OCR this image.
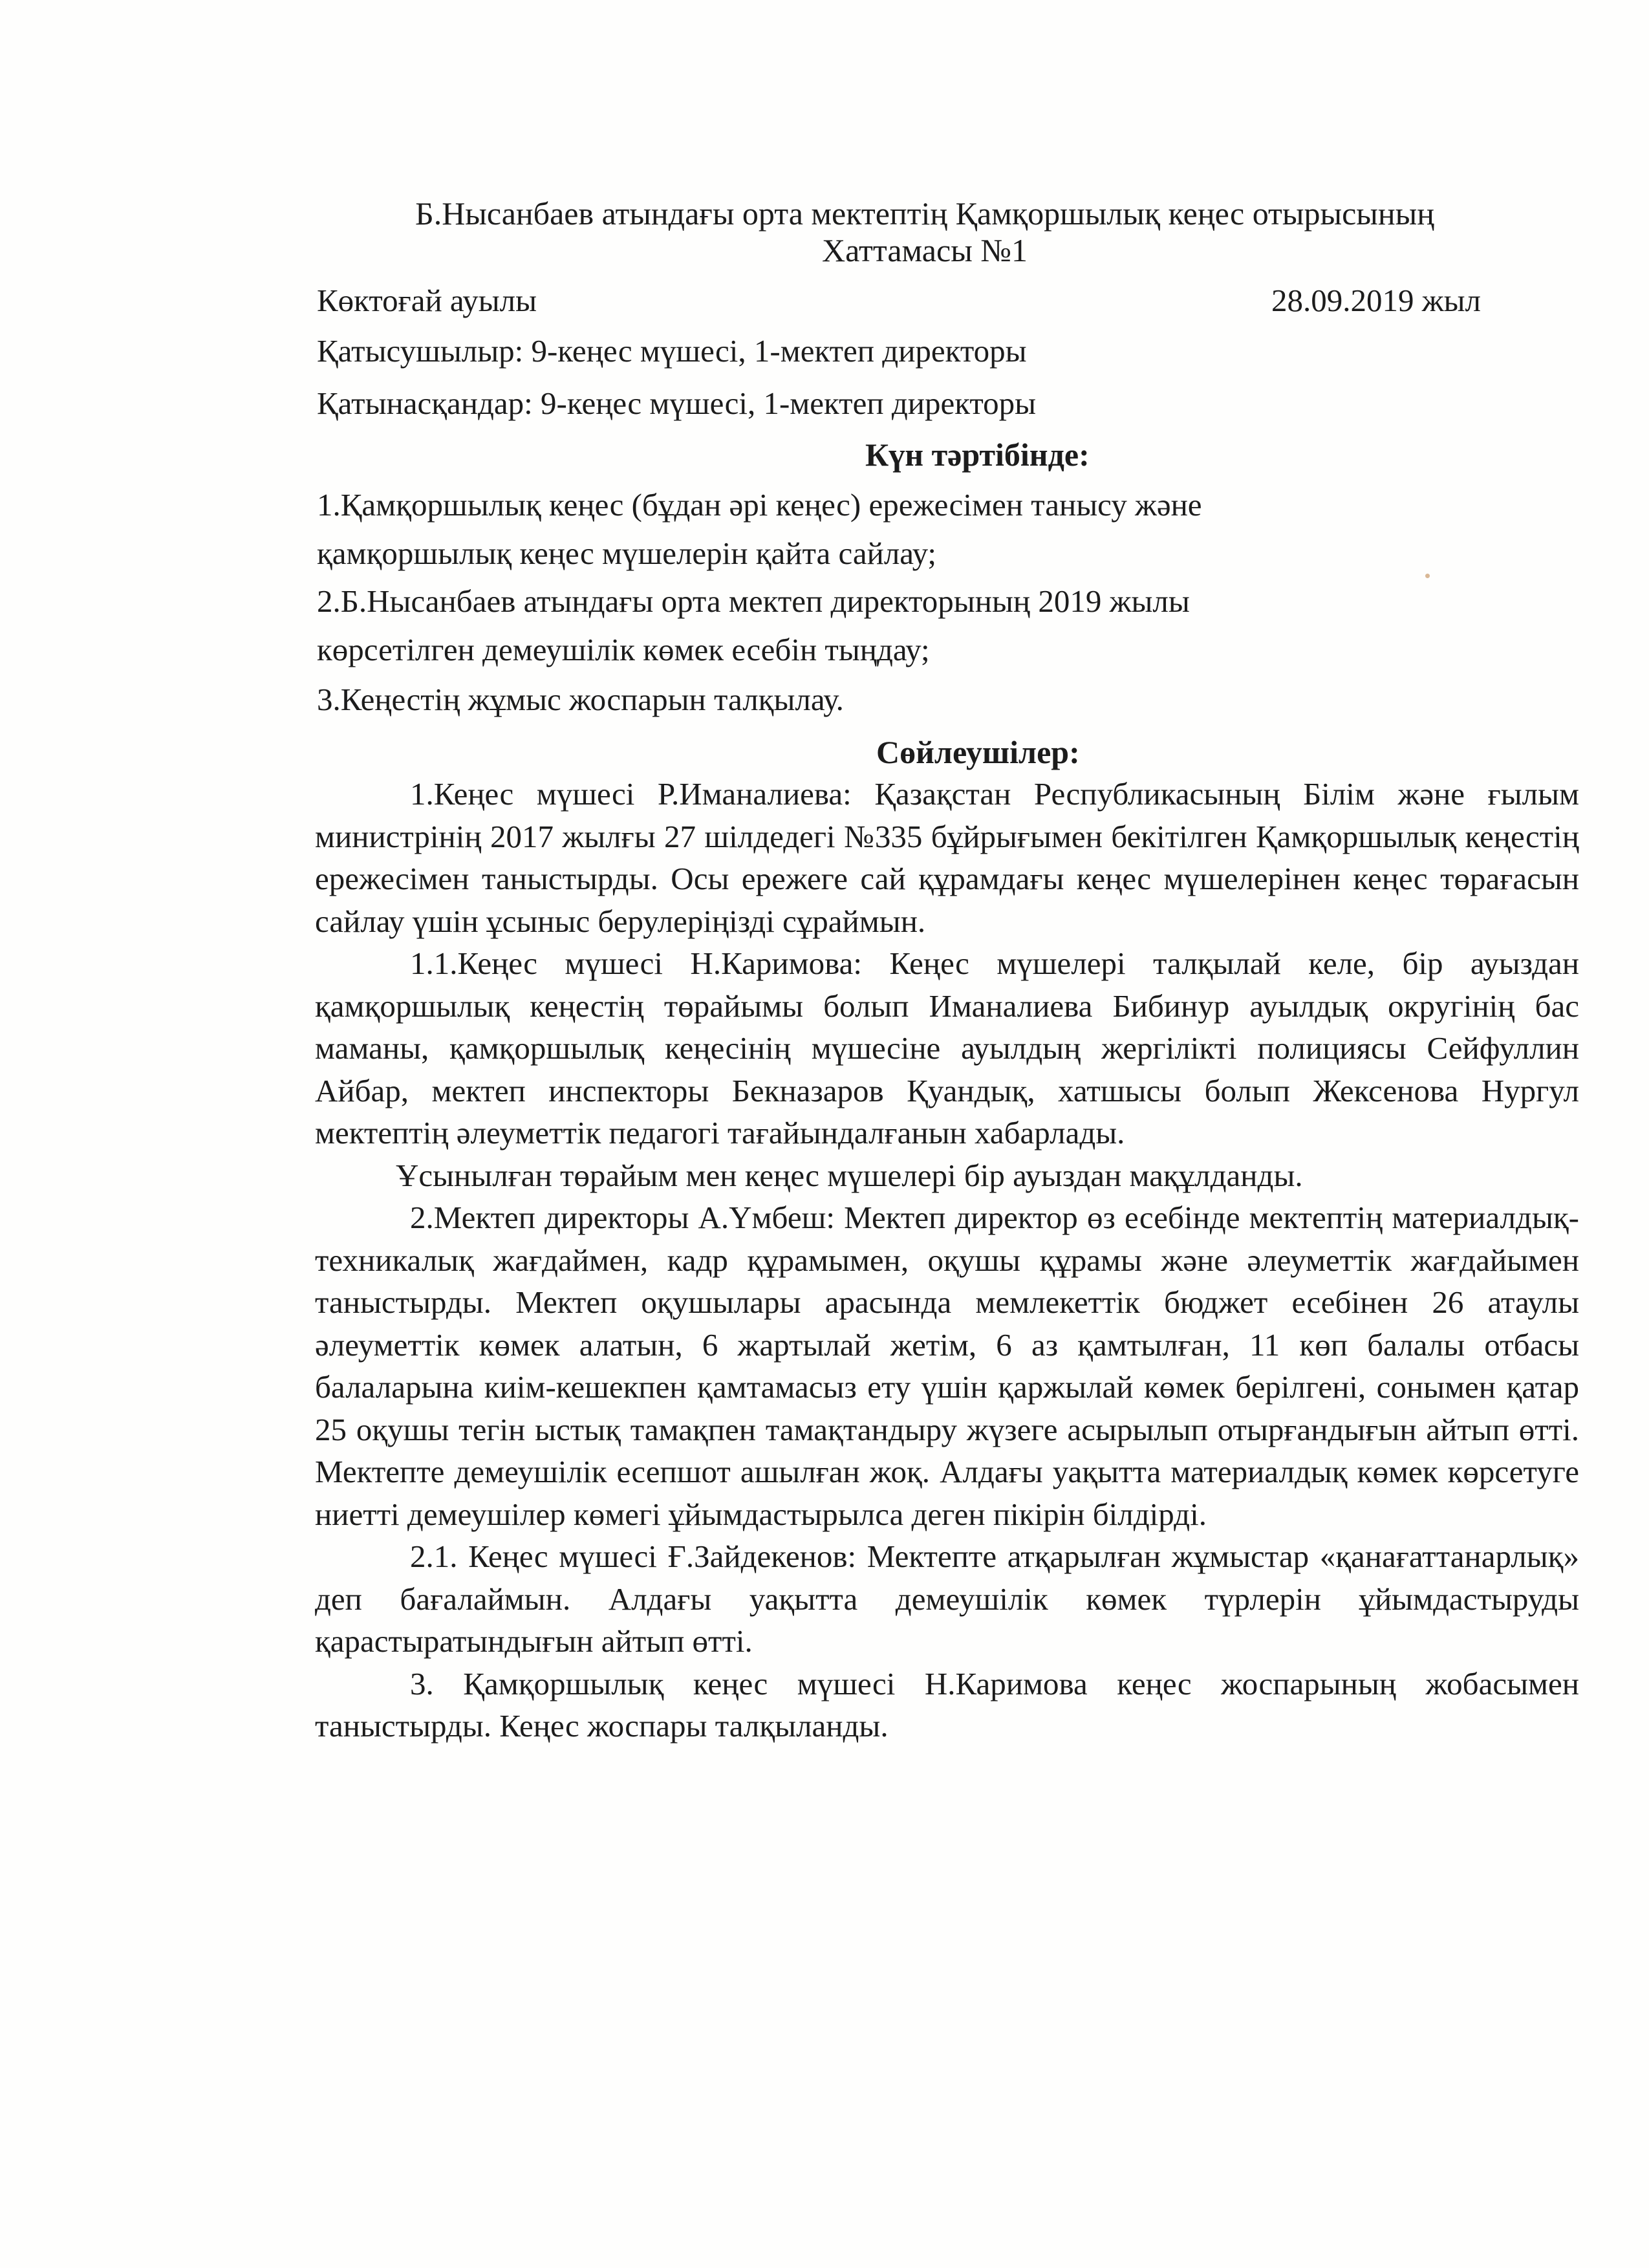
Б.Нысанбаев атындағы орта мектептің Қамқоршылық кеңес отырысының
Хаттамасы №1
Көктоғай ауылы	28.09.2019 жыл
Қатысушылыр: 9-кеңес мүшесі, 1-мектеп директоры
Қатынасқандар: 9-кеңес мүшесі, 1-мектеп директоры
Күн тәртібінде:
1.Қамқоршылық кеңес (бұдан әрі кеңес) ережесімен танысу және
қамқоршылық кеңес мүшелерін қайта сайлау;
2.Б.Нысанбаев атындағы орта мектеп директорының 2019 жылы
көрсетілген демеушілік көмек есебін тыңдау;
3.Кеңестің жұмыс жоспарын талқылау.
Сөйлеушілер:

1.Кеңес мүшесі Р.Иманалиева: Қазақстан Республикасының Білім және ғылым министрінің 2017 жылғы 27 шілдедегі №335 бұйрығымен бекітілген Қамқоршылық кеңестің ережесімен таныстырды. Осы ережеге сай құрамдағы кеңес мүшелерінен кеңес төрағасын сайлау үшін ұсыныс берулеріңізді сұраймын.

1.1.Кеңес мүшесі Н.Каримова: Кеңес мүшелері талқылай келе, бір ауыздан қамқоршылық кеңестің төрайымы болып Иманалиева Бибинур ауылдық округінің бас маманы, қамқоршылық кеңесінің мүшесіне ауылдың жергілікті полициясы Сейфуллин Айбар, мектеп инспекторы Бекназаров Қуандық, хатшысы болып Жексенова Нургул мектептің әлеуметтік педагогі тағайындалғанын хабарлады.

Ұсынылған төрайым мен кеңес мүшелері бір ауыздан мақұлданды.

2.Мектеп директоры А.Үмбеш: Мектеп директор өз есебінде мектептің материалдық-техникалық жағдаймен, кадр құрамымен, оқушы құрамы және әлеуметтік жағдайымен таныстырды. Мектеп оқушылары арасында мемлекеттік бюджет есебінен 26 атаулы әлеуметтік көмек алатын, 6 жартылай жетім, 6 аз қамтылған, 11 көп балалы отбасы балаларына киім-кешекпен қамтамасыз ету үшін қаржылай көмек берілгені, сонымен қатар 25 оқушы тегін ыстық тамақпен тамақтандыру жүзеге асырылып отырғандығын айтып өтті. Мектепте демеушілік есепшот ашылған жоқ. Алдағы уақытта материалдық көмек көрсетуге ниетті демеушілер көмегі ұйымдастырылса деген пікірін білдірді.

2.1. Кеңес мүшесі Ғ.Зайдекенов: Мектепте атқарылған жұмыстар «қанағаттанарлық» деп бағалаймын. Алдағы уақытта демеушілік көмек түрлерін ұйымдастыруды қарастыратындығын айтып өтті.

3. Қамқоршылық кеңес мүшесі Н.Каримова кеңес жоспарының жобасымен таныстырды. Кеңес жоспары талқыланды.
